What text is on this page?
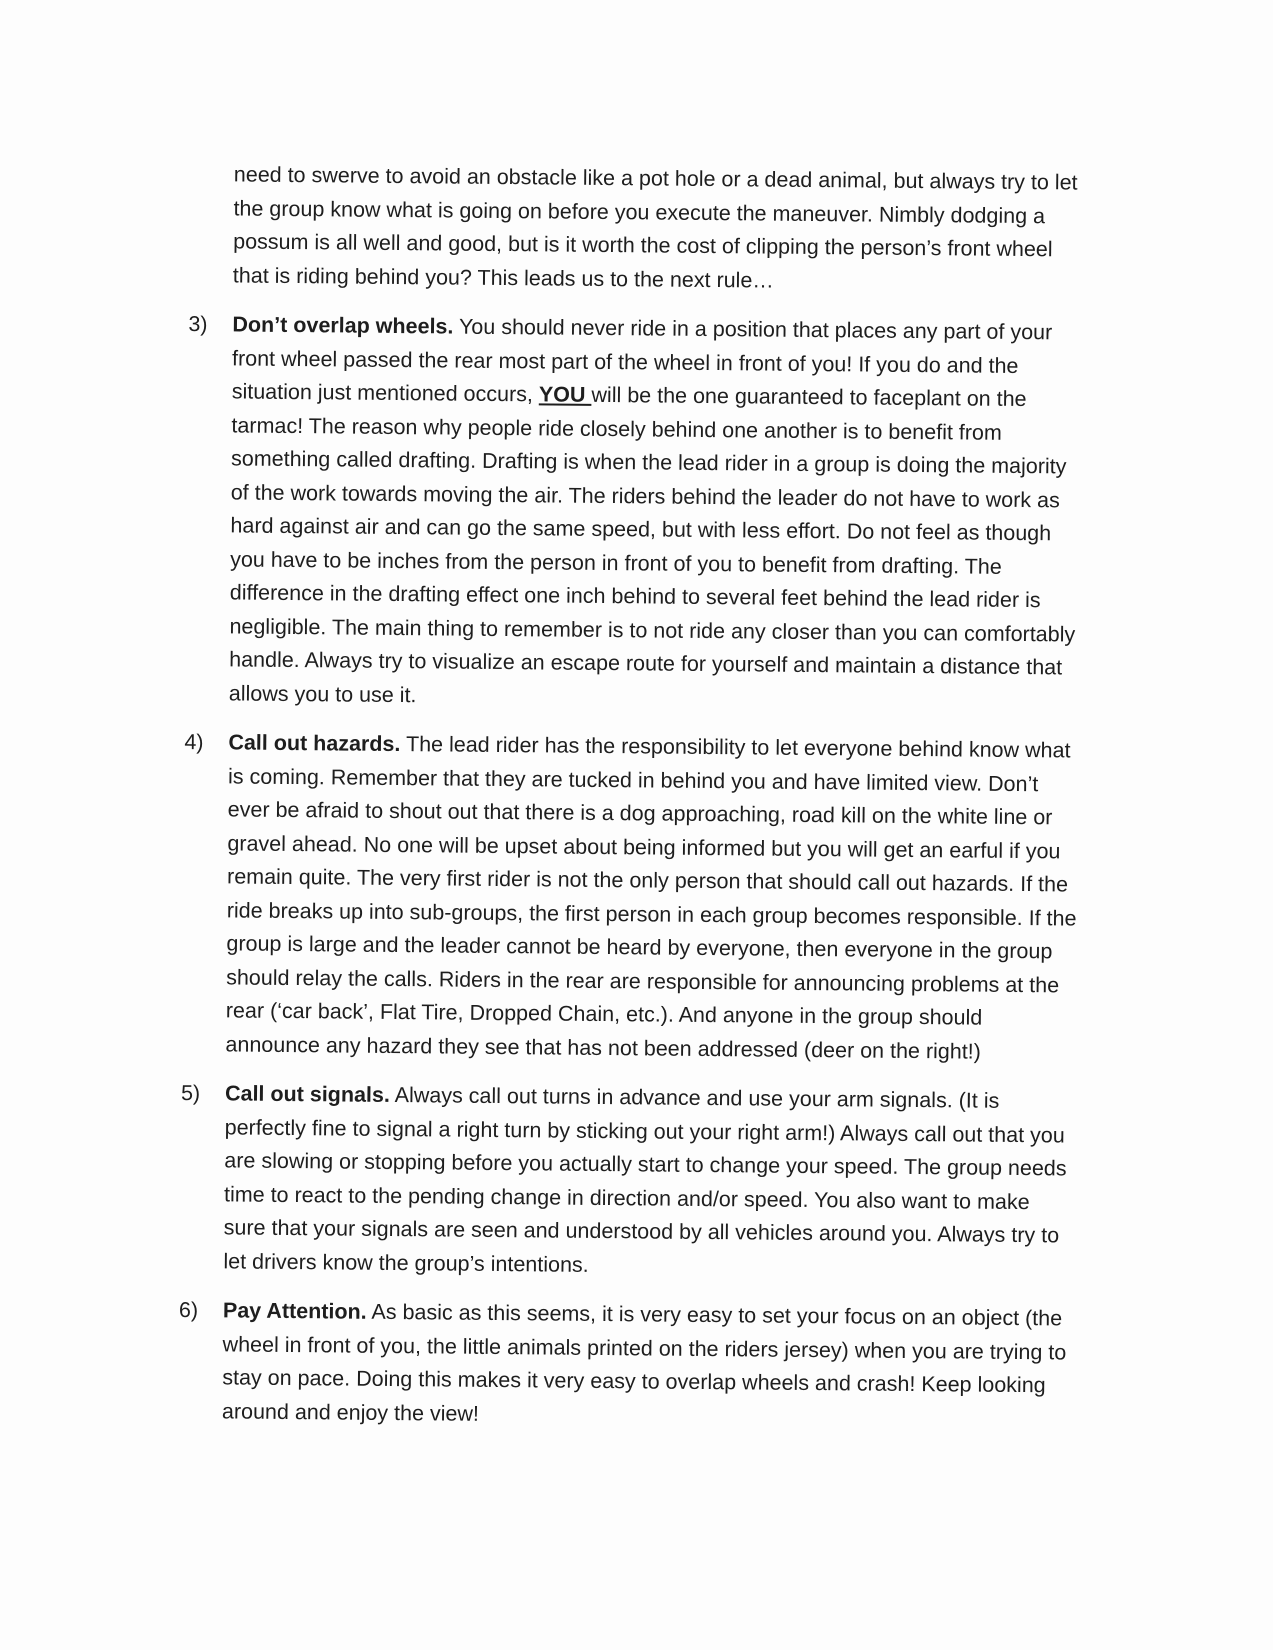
need to swerve to avoid an obstacle like a pot hole or a dead animal, but always try to let the group know what is going on before you execute the maneuver. Nimbly dodging a possum is all well and good, but is it worth the cost of clipping the person’s front wheel that is riding behind you? This leads us to the next rule…

3)	Don’t overlap wheels. You should never ride in a position that places any part of your front wheel passed the rear most part of the wheel in front of you! If you do and the situation just mentioned occurs, YOU will be the one guaranteed to faceplant on the tarmac! The reason why people ride closely behind one another is to benefit from something called drafting. Drafting is when the lead rider in a group is doing the majority of the work towards moving the air. The riders behind the leader do not have to work as hard against air and can go the same speed, but with less effort. Do not feel as though you have to be inches from the person in front of you to benefit from drafting. The difference in the drafting effect one inch behind to several feet behind the lead rider is negligible. The main thing to remember is to not ride any closer than you can comfortably handle. Always try to visualize an escape route for yourself and maintain a distance that allows you to use it.
4)	Call out hazards. The lead rider has the responsibility to let everyone behind know what is coming. Remember that they are tucked in behind you and have limited view. Don’t ever be afraid to shout out that there is a dog approaching, road kill on the white line or gravel ahead. No one will be upset about being informed but you will get an earful if you remain quite. The very first rider is not the only person that should call out hazards. If the ride breaks up into sub-groups, the first person in each group becomes responsible. If the group is large and the leader cannot be heard by everyone, then everyone in the group should relay the calls. Riders in the rear are responsible for announcing problems at the rear (‘car back’, Flat Tire, Dropped Chain, etc.). And anyone in the group should announce any hazard they see that has not been addressed (deer on the right!)
5)	Call out signals. Always call out turns in advance and use your arm signals. (It is perfectly fine to signal a right turn by sticking out your right arm!) Always call out that you are slowing or stopping before you actually start to change your speed. The group needs time to react to the pending change in direction and/or speed. You also want to make sure that your signals are seen and understood by all vehicles around you. Always try to let drivers know the group’s intentions.
6)	Pay Attention. As basic as this seems, it is very easy to set your focus on an object (the wheel in front of you, the little animals printed on the riders jersey) when you are trying to stay on pace. Doing this makes it very easy to overlap wheels and crash! Keep looking around and enjoy the view!
